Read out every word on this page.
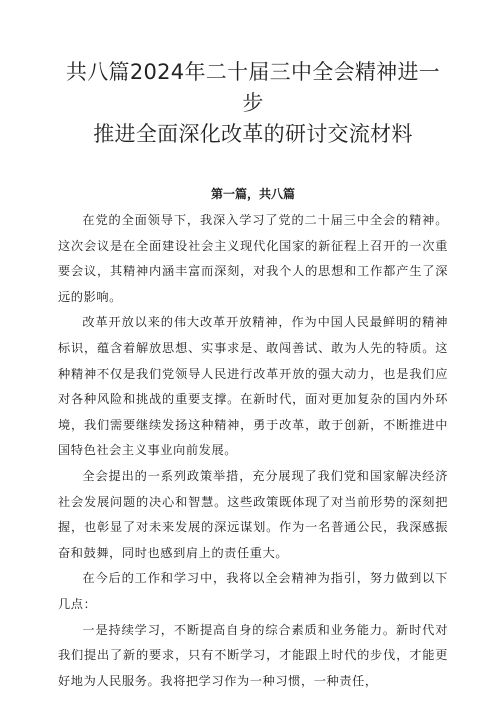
共八篇2024年二十届三中全会精神进一步
推进全面深化改革的研讨交流材料
第一篇，共八篇

在党的全面领导下，我深入学习了党的二十届三中全会的精神。这次会议是在全面建设社会主义现代化国家的新征程上召开的一次重要会议，其精神内涵丰富而深刻，对我个人的思想和工作都产生了深远的影响。

改革开放以来的伟大改革开放精神，作为中国人民最鲜明的精神标识，蕴含着解放思想、实事求是、敢闯善试、敢为人先的特质。这种精神不仅是我们党领导人民进行改革开放的强大动力，也是我们应对各种风险和挑战的重要支撑。在新时代，面对更加复杂的国内外环境，我们需要继续发扬这种精神，勇于改革，敢于创新，不断推进中国特色社会主义事业向前发展。

全会提出的一系列政策举措，充分展现了我们党和国家解决经济社会发展问题的决心和智慧。这些政策既体现了对当前形势的深刻把握，也彰显了对未来发展的深远谋划。作为一名普通公民，我深感振奋和鼓舞，同时也感到肩上的责任重大。

在今后的工作和学习中，我将以全会精神为指引，努力做到以下几点：

一是持续学习，不断提高自身的综合素质和业务能力。新时代对我们提出了新的要求，只有不断学习，才能跟上时代的步伐，才能更好地为人民服务。我将把学习作为一种习惯，一种责任，
